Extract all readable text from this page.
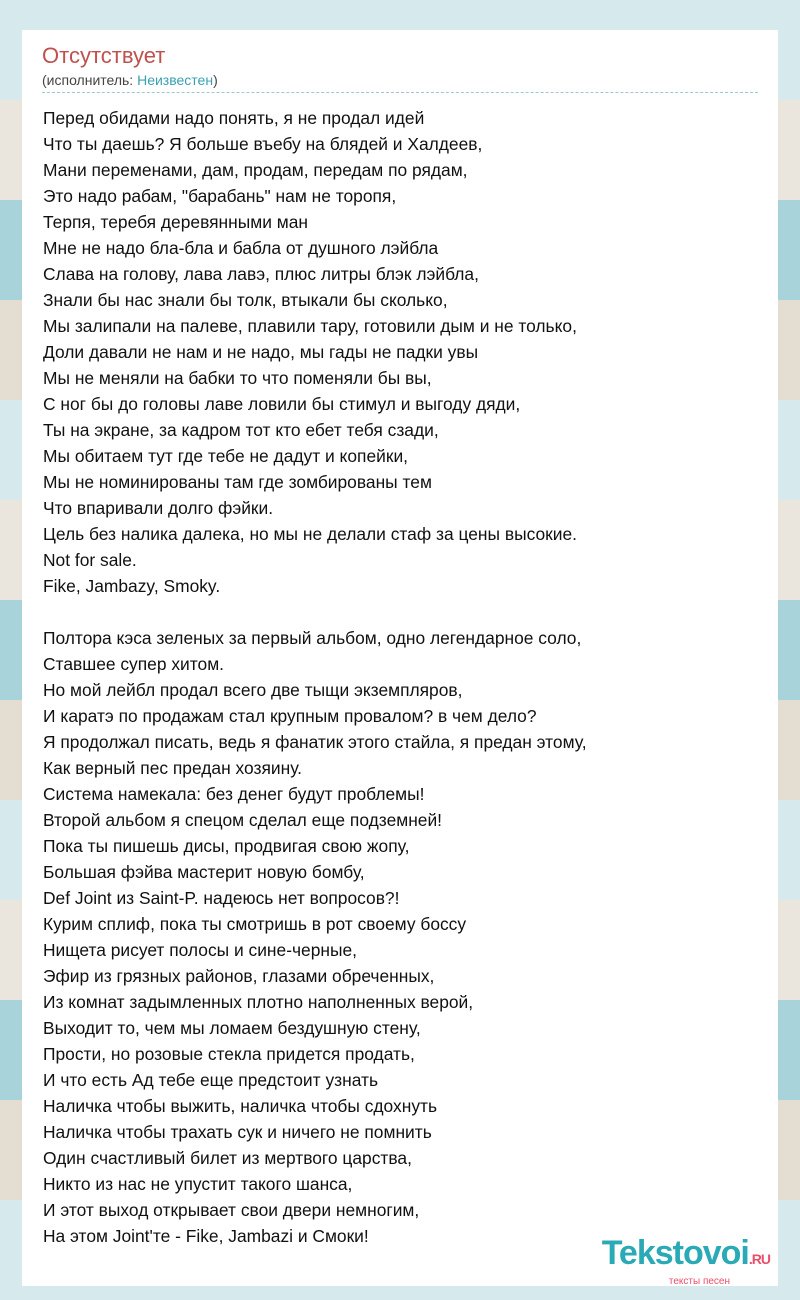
Отсутствует
(исполнитель: Неизвестен)
Перед обидами надо понять, я не продал идей
Что ты даешь? Я больше въебу на блядей и Халдеев,
Мани переменами, дам, продам, передам по рядам,
Это надо рабам, "барабань" нам не торопя,
Терпя, теребя деревянными ман
Мне не надо бла-бла и бабла от душного лэйбла
Слава на голову, лава лавэ, плюс литры блэк лэйбла,
Знали бы нас знали бы толк, втыкали бы сколько,
Мы залипали на палеве, плавили тару, готовили дым и не только,
Доли давали не нам и не надо, мы гады не падки увы
Мы не меняли на бабки то что поменяли бы вы,
С ног бы до головы лаве ловили бы стимул и выгоду дяди,
Ты на экране, за кадром тот кто ебет тебя сзади,
Мы обитаем тут где тебе не дадут и копейки,
Мы не номинированы там где зомбированы тем
Что впаривали долго фэйки.
Цель без налика далека, но мы не делали стаф за цены высокие.
Not for sale.
Fike, Jambazy, Smoky.
Полтора кэса зеленых за первый альбом, одно легендарное соло,
Ставшее супер хитом.
Но мой лейбл продал всего две тыщи экземпляров,
И каратэ по продажам стал крупным провалом? в чем дело?
Я продолжал писать, ведь я фанатик этого стайла, я предан этому,
Как верный пес предан хозяину.
Система намекала: без денег будут проблемы!
Второй альбом я спецом сделал еще подземней!
Пока ты пишешь дисы, продвигая свою жопу,
Большая фэйва мастерит новую бомбу,
Def Joint из Saint-P. надеюсь нет вопросов?!
Курим сплиф, пока ты смотришь в рот своему боссу
Нищета рисует полосы и сине-черные,
Эфир из грязных районов, глазами обреченных,
Из комнат задымленных плотно наполненных верой,
Выходит то, чем мы ломаем бездушную стену,
Прости, но розовые стекла придется продать,
И что есть Ад тебе еще предстоит узнать
Наличка чтобы выжить, наличка чтобы сдохнуть
Наличка чтобы трахать сук и ничего не помнить
Один счастливый билет из мертвого царства,
Никто из нас не упустит такого шанса,
И этот выход открывает свои двери немногим,
На этом Joint'те - Fike, Jambazi и Смоки!	Tekstovoi.RU
тексты песен
